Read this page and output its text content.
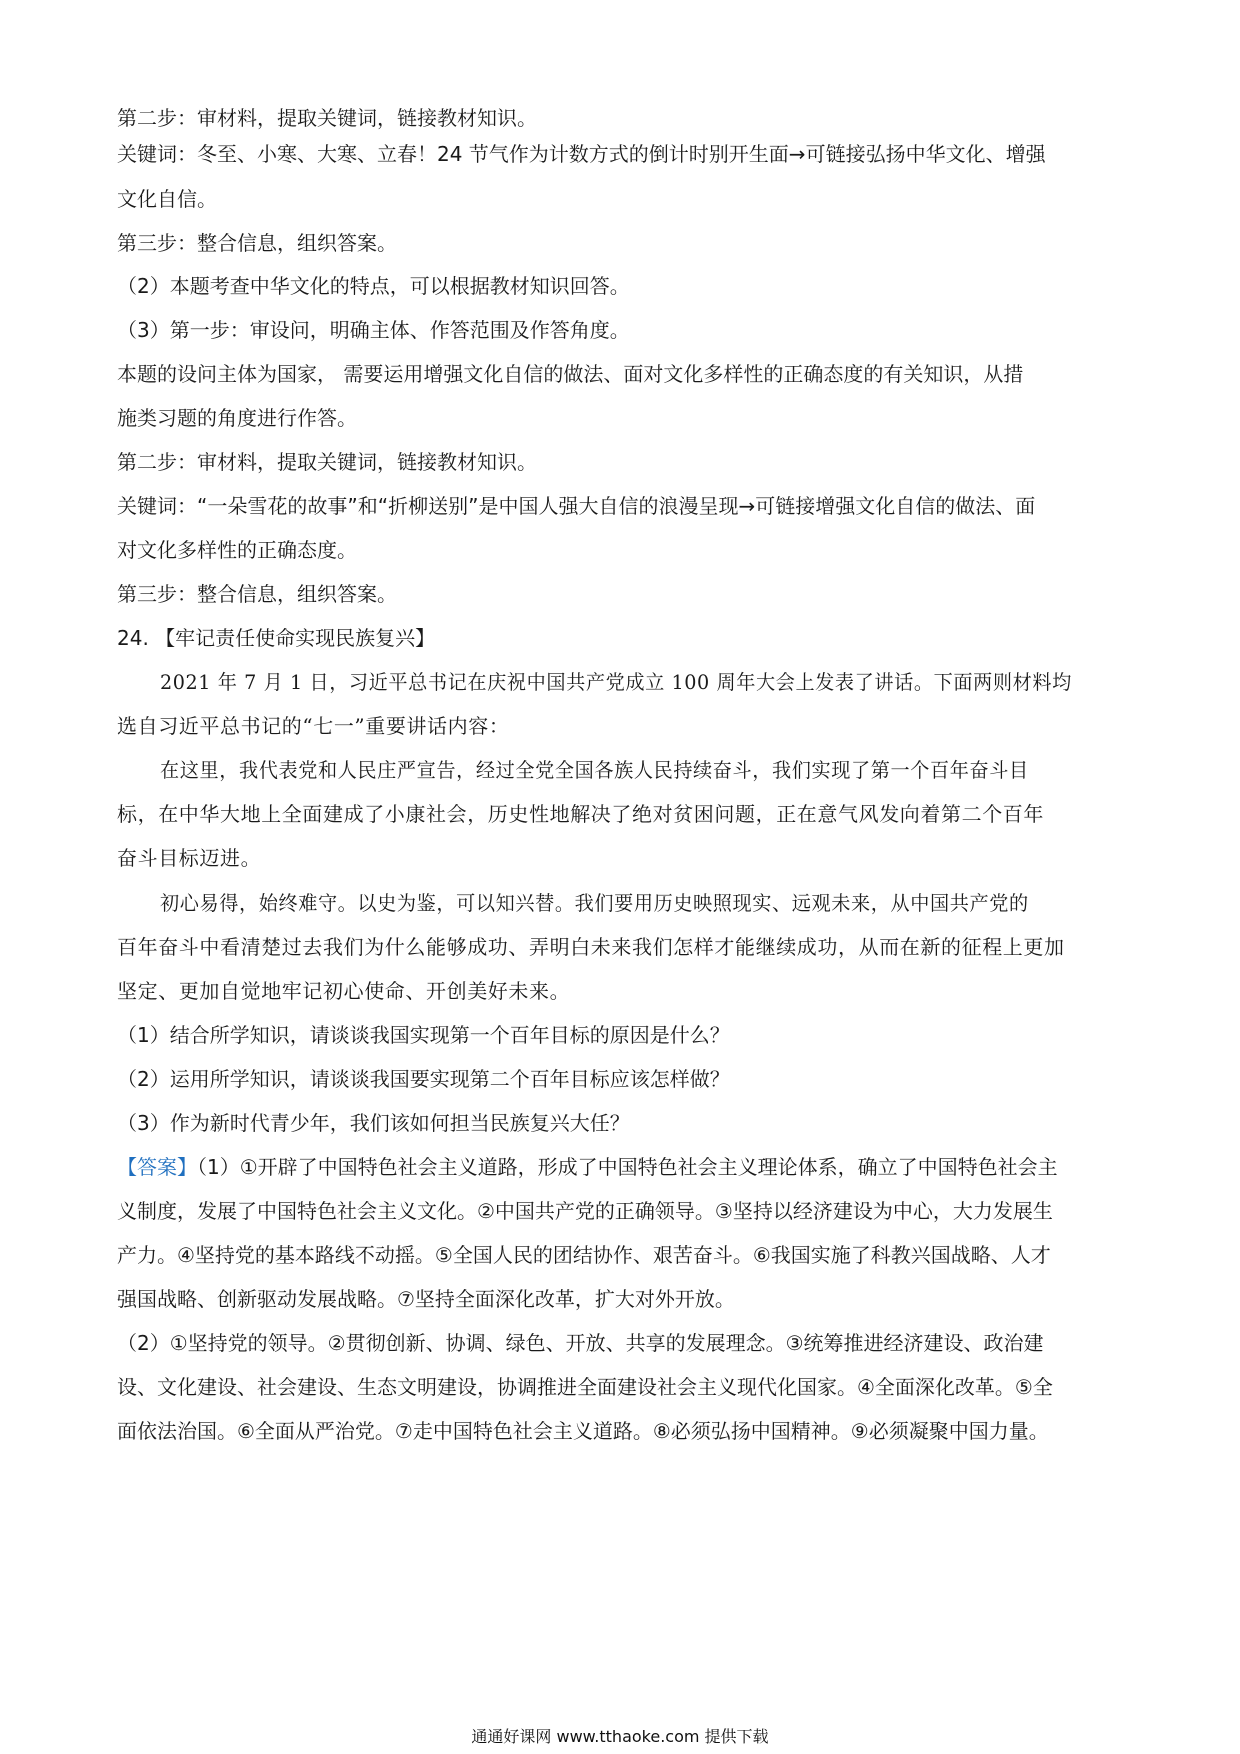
第二步：审材料，提取关键词，链接教材知识。
关键词：冬至、小寒、大寒、立春！24 节气作为计数方式的倒计时别开生面→可链接弘扬中华文化、增强
文化自信。
第三步：整合信息，组织答案。
（2）本题考查中华文化的特点，可以根据教材知识回答。
（3）第一步：审设问，明确主体、作答范围及作答角度。
本题的设问主体为国家， 需要运用增强文化自信的做法、面对文化多样性的正确态度的有关知识，从措
施类习题的角度进行作答。
第二步：审材料，提取关键词，链接教材知识。
关键词：“一朵雪花的故事”和“折柳送别”是中国人强大自信的浪漫呈现→可链接增强文化自信的做法、面
对文化多样性的正确态度。
第三步：整合信息，组织答案。
24. 【牢记责任使命实现民族复兴】
2021 年 7 月 1 日，习近平总书记在庆祝中国共产党成立 100 周年大会上发表了讲话。下面两则材料均
选自习近平总书记的“七一”重要讲话内容：
在这里，我代表党和人民庄严宣告，经过全党全国各族人民持续奋斗，我们实现了第一个百年奋斗目
标，在中华大地上全面建成了小康社会，历史性地解决了绝对贫困问题，正在意气风发向着第二个百年
奋斗目标迈进。
初心易得，始终难守。以史为鉴，可以知兴替。我们要用历史映照现实、远观未来，从中国共产党的
百年奋斗中看清楚过去我们为什么能够成功、弄明白未来我们怎样才能继续成功，从而在新的征程上更加
坚定、更加自觉地牢记初心使命、开创美好未来。
（1）结合所学知识，请谈谈我国实现第一个百年目标的原因是什么？
（2）运用所学知识，请谈谈我国要实现第二个百年目标应该怎样做？
（3）作为新时代青少年，我们该如何担当民族复兴大任？
【答案】（1）①开辟了中国特色社会主义道路，形成了中国特色社会主义理论体系，确立了中国特色社会主
义制度，发展了中国特色社会主义文化。②中国共产党的正确领导。③坚持以经济建设为中心，大力发展生
产力。④坚持党的基本路线不动摇。⑤全国人民的团结协作、艰苦奋斗。⑥我国实施了科教兴国战略、人才
强国战略、创新驱动发展战略。⑦坚持全面深化改革，扩大对外开放。
（2）①坚持党的领导。②贯彻创新、协调、绿色、开放、共享的发展理念。③统筹推进经济建设、政治建
设、文化建设、社会建设、生态文明建设，协调推进全面建设社会主义现代化国家。④全面深化改革。⑤全
面依法治国。⑥全面从严治党。⑦走中国特色社会主义道路。⑧必须弘扬中国精神。⑨必须凝聚中国力量。
通通好课网 www.tthaoke.com 提供下载
